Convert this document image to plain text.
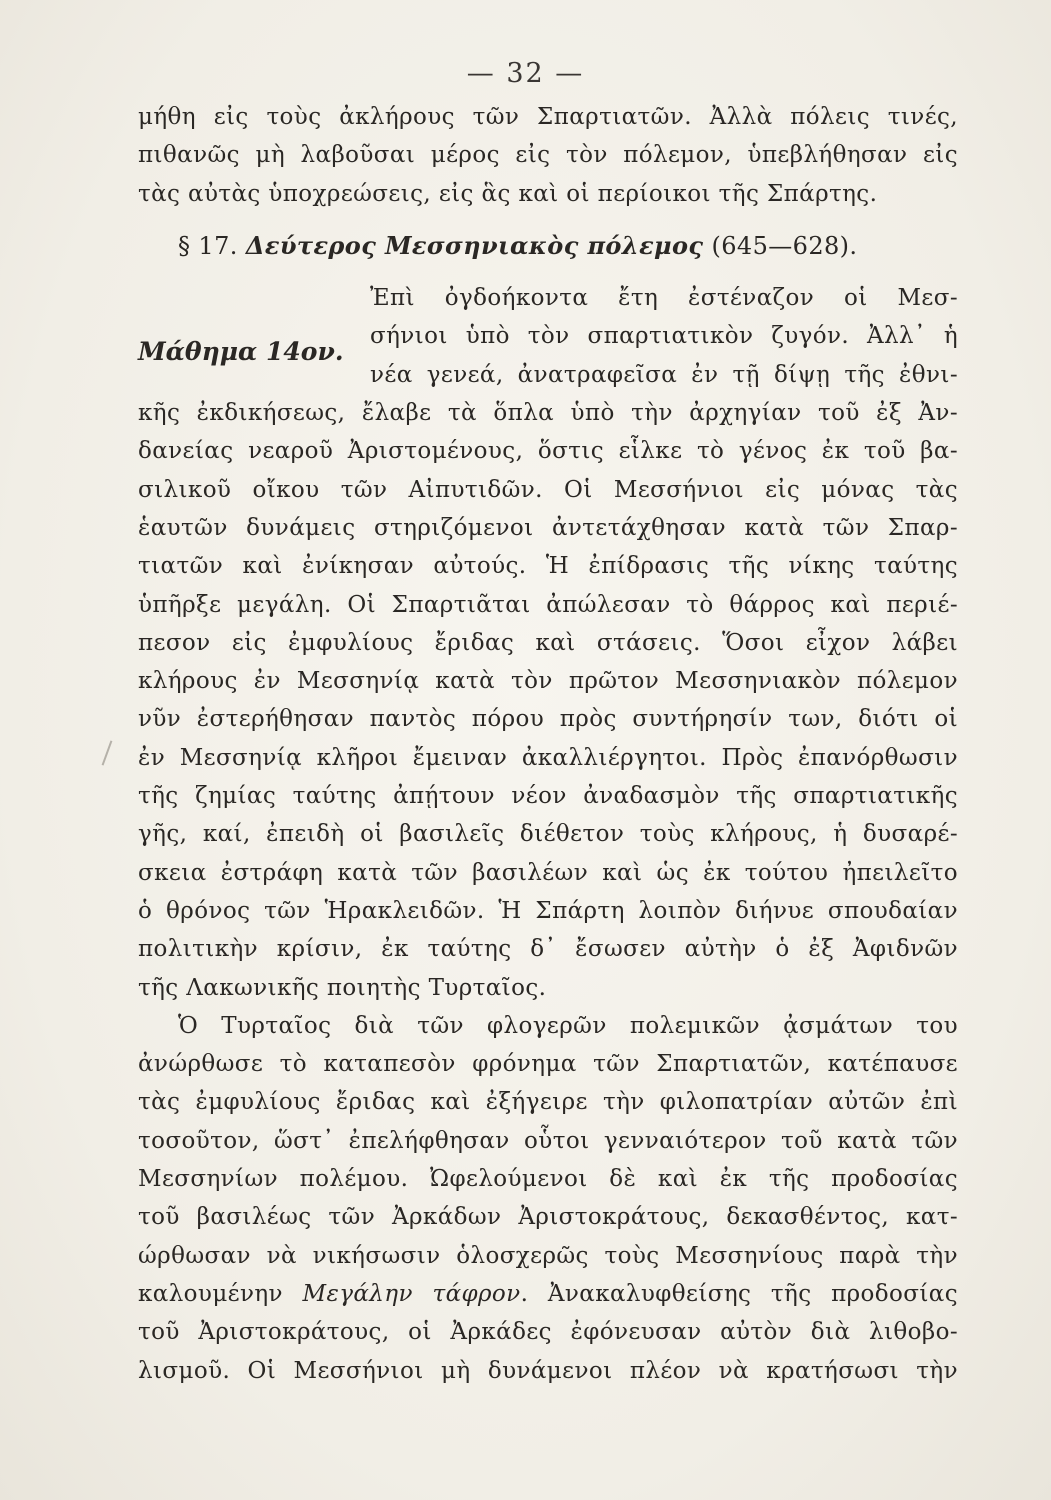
— 32 —
Μάθημα 14ον.
μήθη εἰς τοὺς ἀκλήρους τῶν Σπαρτιατῶν. Ἀλλὰ πόλεις τινές,
πιθανῶς μὴ λαβοῦσαι μέρος εἰς τὸν πόλεμον, ὑπεβλήθησαν εἰς
τὰς αὐτὰς ὑποχρεώσεις, εἰς ἃς καὶ οἱ περίοικοι τῆς Σπάρτης.
§ 17. Δεύτερος Μεσσηνιακὸς πόλεμος (645—628).
Ἐπὶ ὀγδοήκοντα ἔτη ἐστέναζον οἱ Μεσ-
σήνιοι ὑπὸ τὸν σπαρτιατικὸν ζυγόν. Ἀλλ᾽ ἡ
νέα γενεά, ἀνατραφεῖσα ἐν τῇ δίψῃ τῆς ἐθνι-
κῆς ἐκδικήσεως, ἔλαβε τὰ ὅπλα ὑπὸ τὴν ἀρχηγίαν τοῦ ἐξ Ἀν-
δανείας νεαροῦ Ἀριστομένους, ὅστις εἷλκε τὸ γένος ἐκ τοῦ βα-
σιλικοῦ οἴκου τῶν Αἰπυτιδῶν. Οἱ Μεσσήνιοι εἰς μόνας τὰς
ἑαυτῶν δυνάμεις στηριζόμενοι ἀντετάχθησαν κατὰ τῶν Σπαρ-
τιατῶν καὶ ἐνίκησαν αὐτούς. Ἡ ἐπίδρασις τῆς νίκης ταύτης
ὑπῆρξε μεγάλη. Οἱ Σπαρτιᾶται ἀπώλεσαν τὸ θάρρος καὶ περιέ-
πεσον εἰς ἐμφυλίους ἔριδας καὶ στάσεις. Ὅσοι εἶχον λάβει
κλήρους ἐν Μεσσηνίᾳ κατὰ τὸν πρῶτον Μεσσηνιακὸν πόλεμον
νῦν ἐστερήθησαν παντὸς πόρου πρὸς συντήρησίν των, διότι οἱ
ἐν Μεσσηνίᾳ κλῆροι ἔμειναν ἀκαλλιέργητοι. Πρὸς ἐπανόρθωσιν
τῆς ζημίας ταύτης ἀπῄτουν νέον ἀναδασμὸν τῆς σπαρτιατικῆς
γῆς, καί, ἐπειδὴ οἱ βασιλεῖς διέθετον τοὺς κλήρους, ἡ δυσαρέ-
σκεια ἐστράφη κατὰ τῶν βασιλέων καὶ ὡς ἐκ τούτου ἠπειλεῖτο
ὁ θρόνος τῶν Ἡρακλειδῶν. Ἡ Σπάρτη λοιπὸν διήνυε σπουδαίαν
πολιτικὴν κρίσιν, ἐκ ταύτης δ᾽ ἔσωσεν αὐτὴν ὁ ἐξ Ἀφιδνῶν
τῆς Λακωνικῆς ποιητὴς Τυρταῖος.
Ὁ Τυρταῖος διὰ τῶν φλογερῶν πολεμικῶν ᾀσμάτων του
ἀνώρθωσε τὸ καταπεσὸν φρόνημα τῶν Σπαρτιατῶν, κατέπαυσε
τὰς ἐμφυλίους ἔριδας καὶ ἐξήγειρε τὴν φιλοπατρίαν αὐτῶν ἐπὶ
τοσοῦτον, ὥστ᾽ ἐπελήφθησαν οὗτοι γενναιότερον τοῦ κατὰ τῶν
Μεσσηνίων πολέμου. Ὠφελούμενοι δὲ καὶ ἐκ τῆς προδοσίας
τοῦ βασιλέως τῶν Ἀρκάδων Ἀριστοκράτους, δεκασθέντος, κατ-
ώρθωσαν νὰ νικήσωσιν ὁλοσχερῶς τοὺς Μεσσηνίους παρὰ τὴν
καλουμένην Μεγάλην τάφρον. Ἀνακαλυφθείσης τῆς προδοσίας
τοῦ Ἀριστοκράτους, οἱ Ἀρκάδες ἐφόνευσαν αὐτὸν διὰ λιθοβο-
λισμοῦ. Οἱ Μεσσήνιοι μὴ δυνάμενοι πλέον νὰ κρατήσωσι τὴν
